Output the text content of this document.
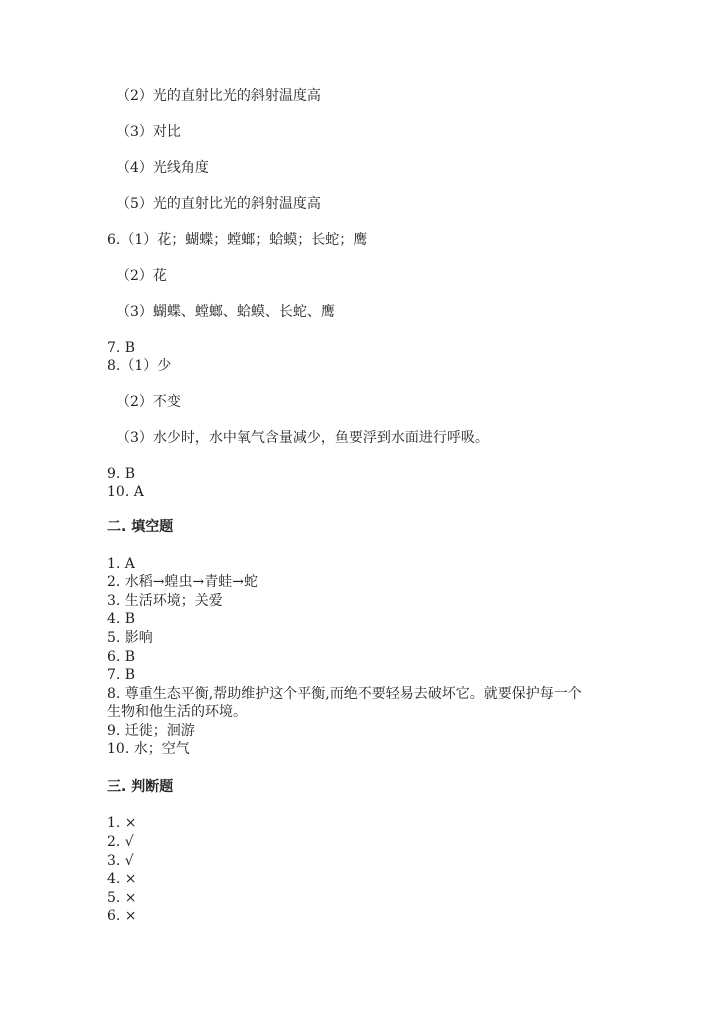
（2）光的直射比光的斜射温度高
（3）对比
（4）光线角度
（5）光的直射比光的斜射温度高
6.（1）花；蝴蝶；螳螂；蛤蟆；长蛇；鹰
（2）花
（3）蝴蝶、螳螂、蛤蟆、长蛇、鹰
7. B
8.（1）少
（2）不变
（3）水少时，水中氧气含量减少，鱼要浮到水面进行呼吸。
9. B
10. A
二. 填空题
1. A
2. 水稻→蝗虫→青蛙→蛇
3. 生活环境；关爱
4. B
5. 影响
6. B
7. B
8. 尊重生态平衡,帮助维护这个平衡,而绝不要轻易去破坏它。就要保护每一个
生物和他生活的环境。
9. 迁徙；洄游
10. 水；空气
三. 判断题
1. ×
2. √
3. √
4. ×
5. ×
6. ×
